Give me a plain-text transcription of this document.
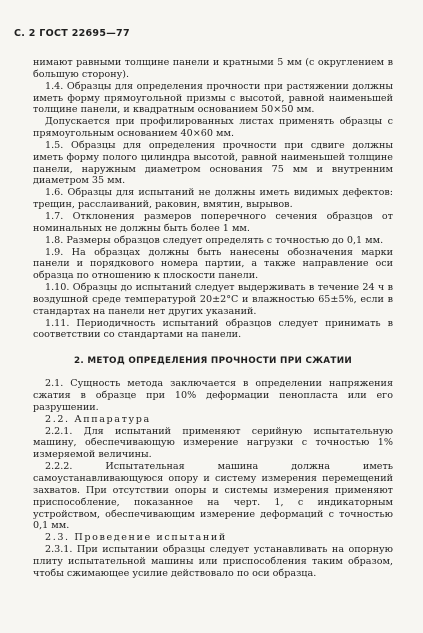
С. 2 ГОСТ 22695—77

нимают равными толщине панели и кратными 5 мм (с округлением в большую сторону).

1.4. Образцы для определения прочности при растяжении должны иметь форму прямоугольной призмы с высотой, равной наименьшей толщине панели, и квадратным основанием 50×50 мм.

Допускается при профилированных листах применять образцы с прямоугольным основанием 40×60 мм.

1.5. Образцы для определения прочности при сдвиге должны иметь форму полого цилиндра высотой, равной наименьшей толщине панели, наружным диаметром основания 75 мм и внутренним диаметром 35 мм.

1.6. Образцы для испытаний не должны иметь видимых дефектов: трещин, расслаиваний, раковин, вмятин, вырывов.

1.7. Отклонения размеров поперечного сечения образцов от номинальных не должны быть более 1 мм.

1.8. Размеры образцов следует определять с точностью до 0,1 мм.

1.9. На образцах должны быть нанесены обозначения марки панели и порядкового номера партии, а также направление оси образца по отношению к плоскости панели.

1.10. Образцы до испытаний следует выдерживать в течение 24 ч в воздушной среде температурой 20±2°С и влажностью 65±5%, если в стандартах на панели нет других указаний.

1.11. Периодичность испытаний образцов следует принимать в соответствии со стандартами на панели.

2. МЕТОД ОПРЕДЕЛЕНИЯ ПРОЧНОСТИ ПРИ СЖАТИИ

2.1. Сущность метода заключается в определении напряжения сжатия в образце при 10% деформации пенопласта или его разрушении.

2.2. Аппаратура

2.2.1. Для испытаний применяют серийную испытательную машину, обеспечивающую измерение нагрузки с точностью 1% измеряемой величины.

2.2.2. Испытательная машина должна иметь самоустанавливающуюся опору и систему измерения перемещений захватов. При отсутствии опоры и системы измерения применяют приспособление, показанное на черт. 1, с индикаторным устройством, обеспечивающим измерение деформаций с точностью 0,1 мм.

2.3. Проведение испытаний

2.3.1. При испытании образцы следует устанавливать на опорную плиту испытательной машины или приспособления таким образом, чтобы сжимающее усилие действовало по оси образца.
